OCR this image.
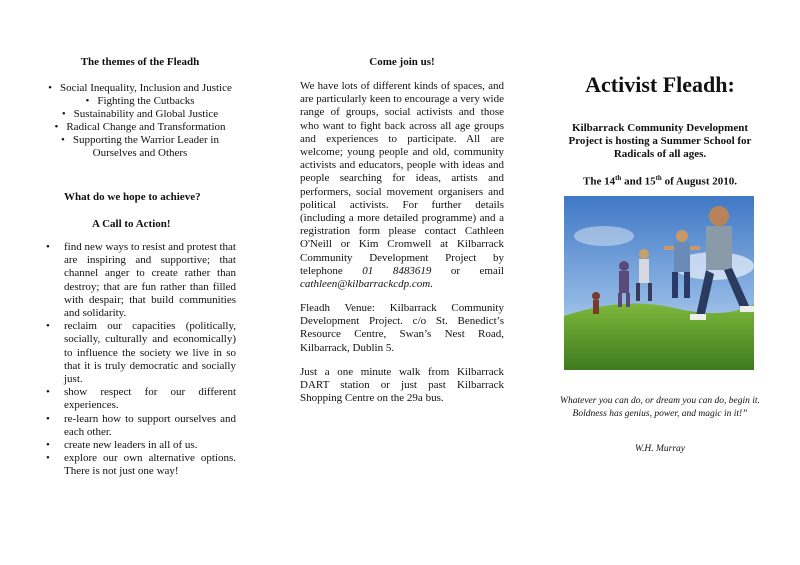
The themes of the Fleadh
• Social Inequality, Inclusion and Justice
• Fighting the Cutbacks
• Sustainability and Global Justice
• Radical Change and Transformation
• Supporting the Warrior Leader in Ourselves and Others
What do we hope to achieve?
A Call to Action!
• find new ways to resist and protest that are inspiring and supportive; that channel anger to create rather than destroy; that are fun rather than filled with despair; that build communities and solidarity.
• reclaim our capacities (politically, socially, culturally and economically) to influence the society we live in so that it is truly democratic and socially just.
• show respect for our different experiences.
• re-learn how to support ourselves and each other.
• create new leaders in all of us.
• explore our own alternative options. There is not just one way!
Come join us!

We have lots of different kinds of spaces, and are particularly keen to encourage a very wide range of groups, social activists and those who want to fight back across all age groups and experiences to participate. All are welcome; young people and old, community activists and educators, people with ideas and people searching for ideas, artists and performers, social movement organisers and political activists. For further details (including a more detailed programme) and a registration form please contact Cathleen O'Neill or Kim Cromwell at Kilbarrack Community Development Project by telephone 01 8483619 or email cathleen@kilbarrackcdp.com.

Fleadh Venue: Kilbarrack Community Development Project. c/o St. Benedict’s Resource Centre, Swan’s Nest Road, Kilbarrack, Dublin 5.

Just a one minute walk from Kilbarrack DART station or just past Kilbarrack Shopping Centre on the 29a bus.

Activist Fleadh:
Kilbarrack Community Development Project is hosting a Summer School for Radicals of all ages.
The 14th and 15th of August 2010.
Whatever you can do, or dream you can do, begin it. Boldness has genius, power, and magic in it!”
W.H. Murray
